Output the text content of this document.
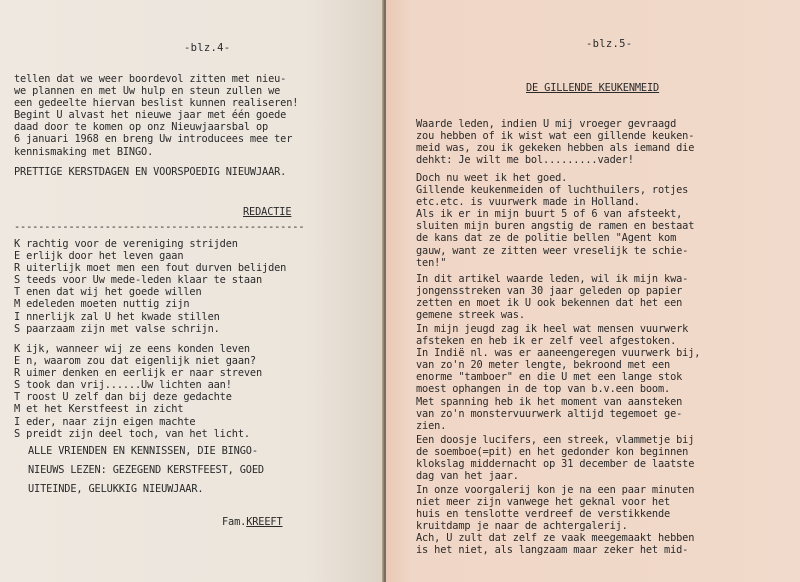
-blz.4-
tellen dat we weer boordevol zitten met nieu-
we plannen en met Uw hulp en steun zullen we
een gedeelte hiervan beslist kunnen realiseren!
Begint U alvast het nieuwe jaar met één goede
daad door te komen op onz Nieuwjaarsbal op
6 januari 1968 en breng Uw introducees mee ter
kennismaking met BINGO.
PRETTIGE KERSTDAGEN EN VOORSPOEDIG NIEUWJAAR.
REDACTIE
------------------------------------------------
K rachtig voor de vereniging strijden
E erlijk door het leven gaan
R uiterlijk moet men een fout durven belijden
S teeds voor Uw mede-leden klaar te staan
T enen dat wij het goede willen
M edeleden moeten nuttig zijn
I nnerlijk zal U het kwade stillen
S paarzaam zijn met valse schrijn.
K ijk, wanneer wij ze eens konden leven
E n, waarom zou dat eigenlijk niet gaan?
R uimer denken en eerlijk er naar streven
S took dan vrij......Uw lichten aan!
T roost U zelf dan bij deze gedachte
M et het Kerstfeest in zicht
I eder, naar zijn eigen machte
S preidt zijn deel toch, van het licht.
ALLE VRIENDEN EN KENNISSEN, DIE BINGO-
NIEUWS LEZEN: GEZEGEND KERSTFEEST, GOED
UITEINDE, GELUKKIG NIEUWJAAR.
Fam.KREEFT
-blz.5-
DE GILLENDE KEUKENMEID
Waarde leden, indien U mij vroeger gevraagd
zou hebben of ik wist wat een gillende keuken-
meid was, zou ik gekeken hebben als iemand die
dehkt: Je wilt me bol.........vader!
Doch nu weet ik het goed.
Gillende keukenmeiden of luchthuilers, rotjes
etc.etc. is vuurwerk made in Holland.
Als ik er in mijn buurt 5 of 6 van afsteekt,
sluiten mijn buren angstig de ramen en bestaat
de kans dat ze de politie bellen "Agent kom
gauw, want ze zitten weer vreselijk te schie-
ten!"
In dit artikel waarde leden, wil ik mijn kwa-
jongensstreken van 30 jaar geleden op papier
zetten en moet ik U ook bekennen dat het een
gemene streek was.
In mijn jeugd zag ik heel wat mensen vuurwerk
afsteken en heb ik er zelf veel afgestoken.
In Indië nl. was er aaneengeregen vuurwerk bij,
van zo'n 20 meter lengte, bekroond met een
enorme "tamboer" en die U met een lange stok
moest ophangen in de top van b.v.een boom.
Met spanning heb ik het moment van aansteken
van zo'n monstervuurwerk altijd tegemoet ge-
zien.
Een doosje lucifers, een streek, vlammetje bij
de soemboe(=pit) en het gedonder kon beginnen
klokslag middernacht op 31 december de laatste
dag van het jaar.
In onze voorgalerij kon je na een paar minuten
niet meer zijn vanwege het geknal voor het
huis en tenslotte verdreef de verstikkende
kruitdamp je naar de achtergalerij.
Ach, U zult dat zelf ze vaak meegemaakt hebben
is het niet, als langzaam maar zeker het mid-
